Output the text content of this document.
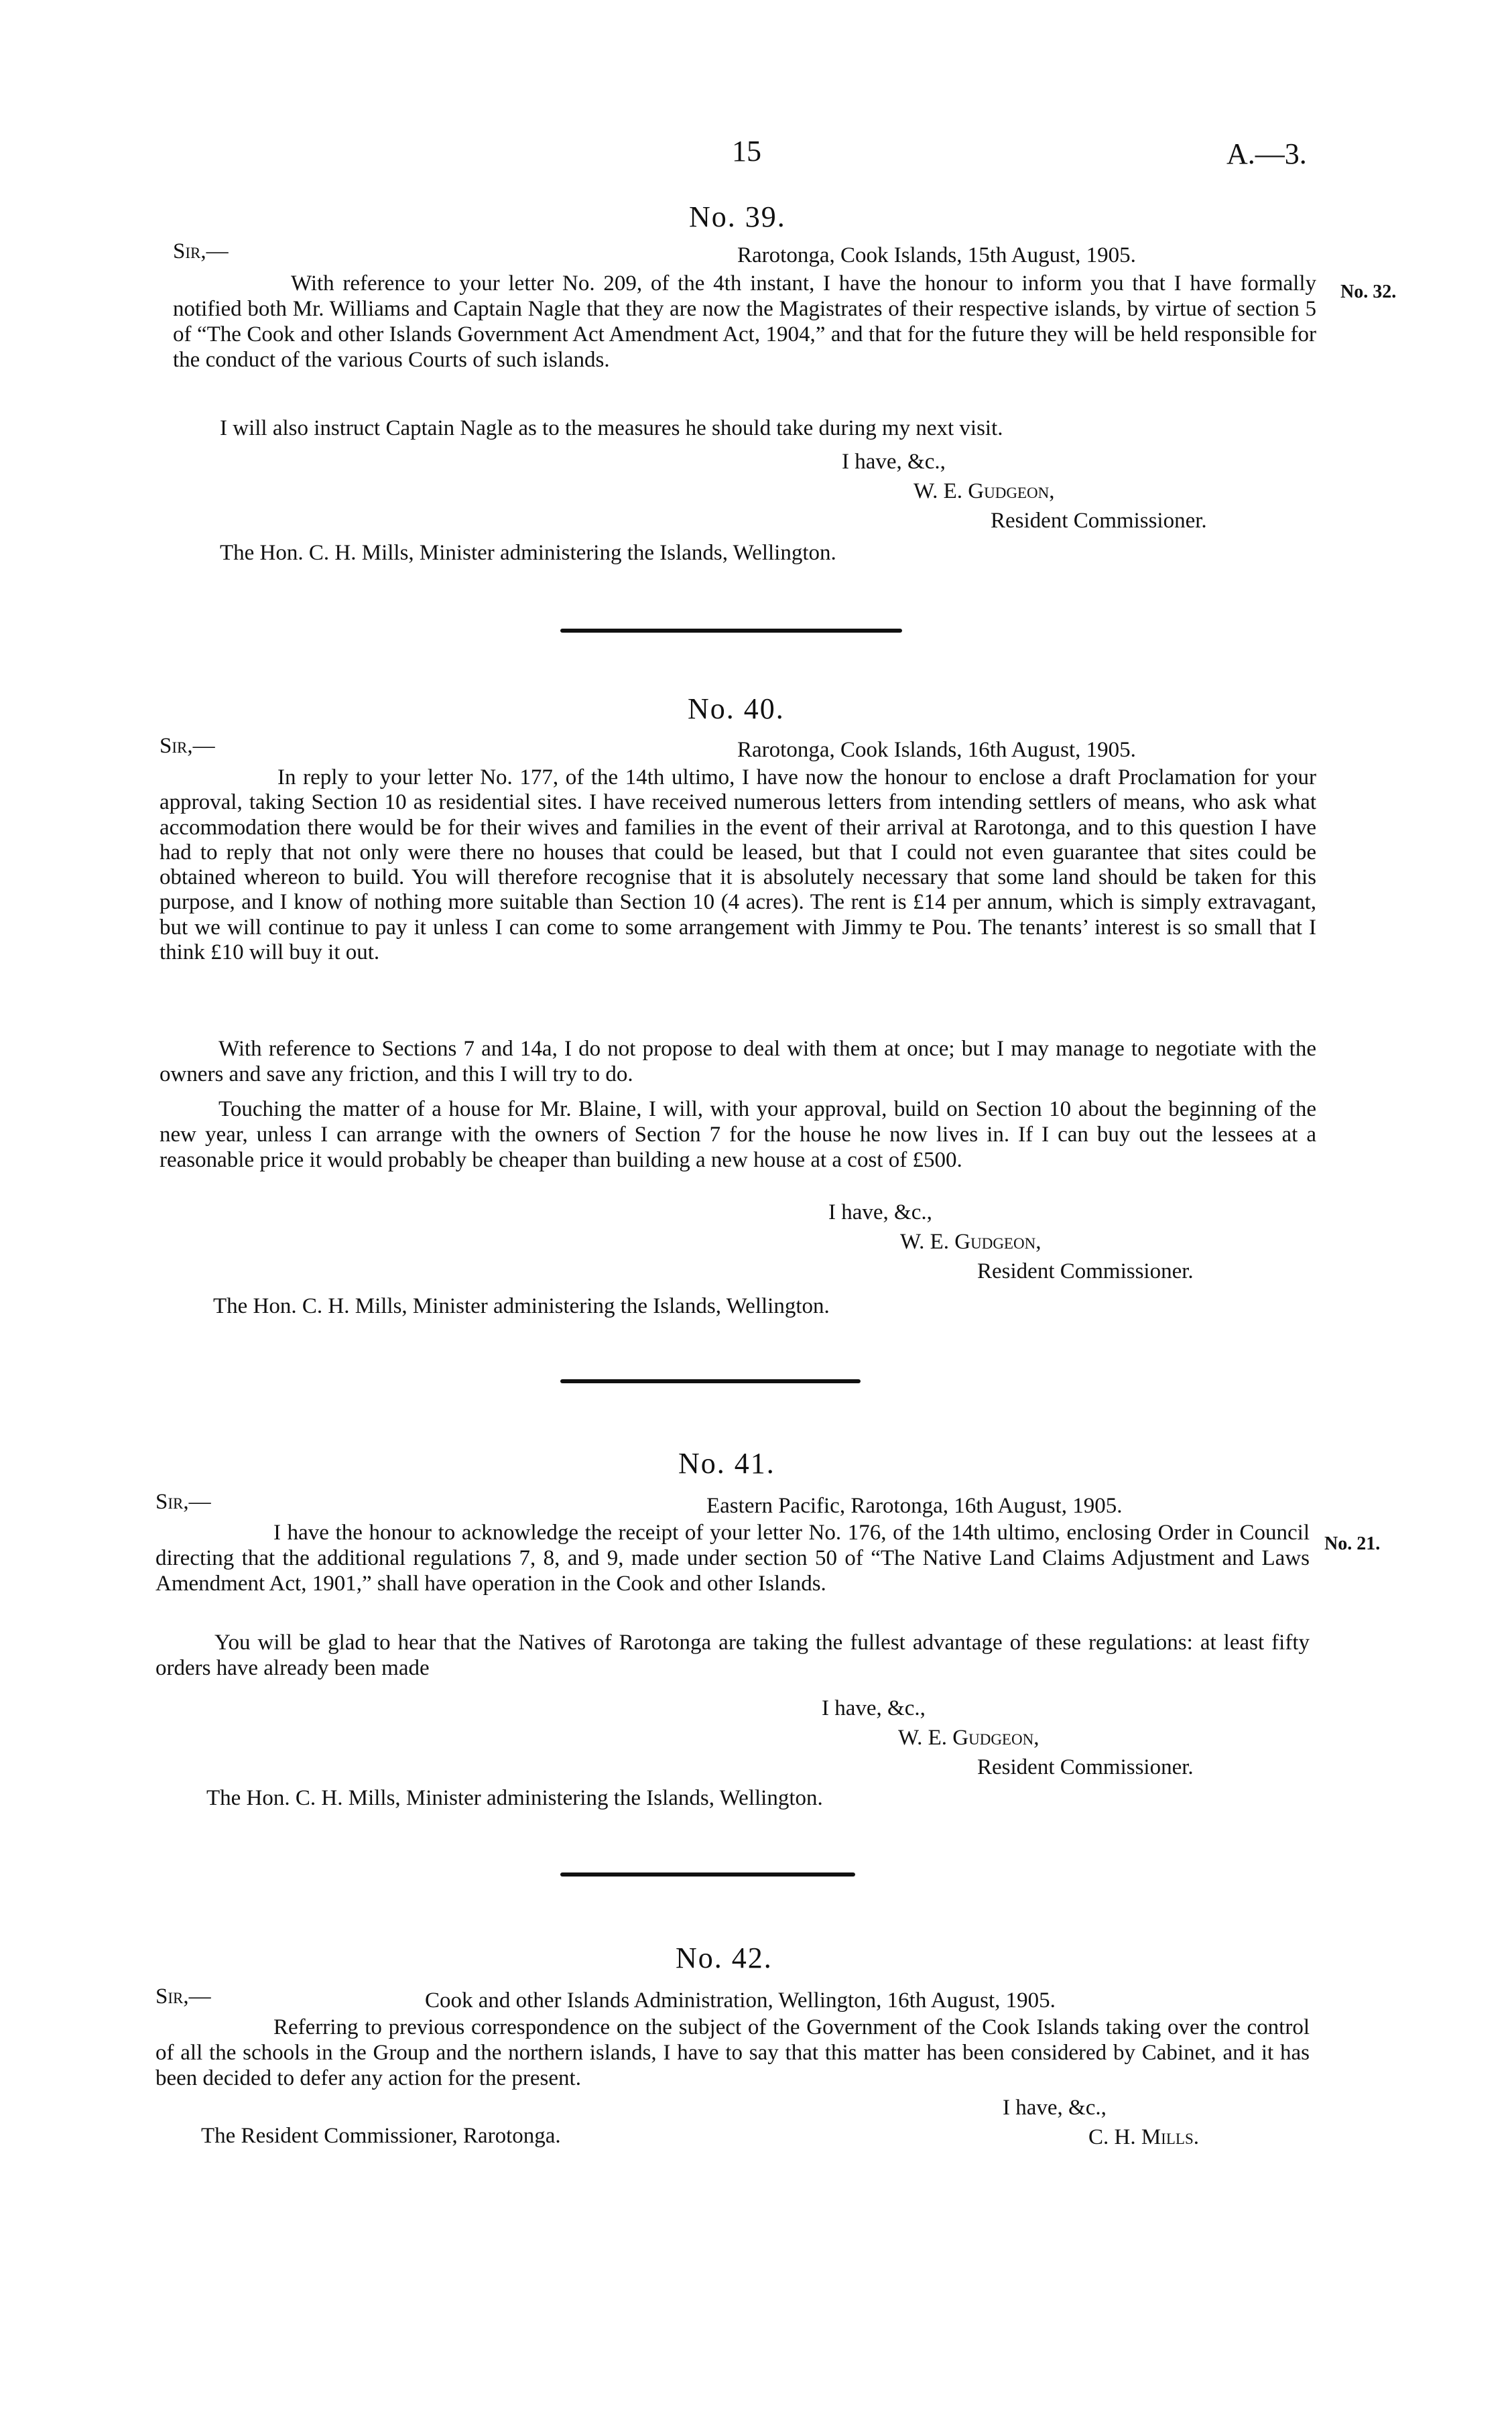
15	A.—3.
No. 39.
Sir,—	Rarotonga, Cook Islands, 15th August, 1905.
No. 32.
With reference to your letter No. 209, of the 4th instant, I have the honour to inform you that I have formally notified both Mr. Williams and Captain Nagle that they are now the Magistrates of their respective islands, by virtue of section 5 of “The Cook and other Islands Government Act Amendment Act, 1904,” and that for the future they will be held responsible for the conduct of the various Courts of such islands.
I will also instruct Captain Nagle as to the measures he should take during my next visit.
I have, &c.,
W. E. Gudgeon,
Resident Commissioner.
The Hon. C. H. Mills, Minister administering the Islands, Wellington.
No. 40.
Sir,—	Rarotonga, Cook Islands, 16th August, 1905.
In reply to your letter No. 177, of the 14th ultimo, I have now the honour to enclose a draft Proclamation for your approval, taking Section 10 as residential sites. I have received numerous letters from intending settlers of means, who ask what accommodation there would be for their wives and families in the event of their arrival at Rarotonga, and to this question I have had to reply that not only were there no houses that could be leased, but that I could not even guarantee that sites could be obtained whereon to build. You will therefore recognise that it is absolutely necessary that some land should be taken for this purpose, and I know of nothing more suitable than Section 10 (4 acres). The rent is £14 per annum, which is simply extravagant, but we will continue to pay it unless I can come to some arrangement with Jimmy te Pou. The tenants’ interest is so small that I think £10 will buy it out.
With reference to Sections 7 and 14a, I do not propose to deal with them at once; but I may manage to negotiate with the owners and save any friction, and this I will try to do.
Touching the matter of a house for Mr. Blaine, I will, with your approval, build on Section 10 about the beginning of the new year, unless I can arrange with the owners of Section 7 for the house he now lives in. If I can buy out the lessees at a reasonable price it would probably be cheaper than building a new house at a cost of £500.
I have, &c.,
W. E. Gudgeon,
Resident Commissioner.
The Hon. C. H. Mills, Minister administering the Islands, Wellington.
No. 41.
Sir,—	Eastern Pacific, Rarotonga, 16th August, 1905.
No. 21.
I have the honour to acknowledge the receipt of your letter No. 176, of the 14th ultimo, enclosing Order in Council directing that the additional regulations 7, 8, and 9, made under section 50 of “The Native Land Claims Adjustment and Laws Amendment Act, 1901,” shall have operation in the Cook and other Islands.
You will be glad to hear that the Natives of Rarotonga are taking the fullest advantage of these regulations: at least fifty orders have already been made
I have, &c.,
W. E. Gudgeon,
Resident Commissioner.
The Hon. C. H. Mills, Minister administering the Islands, Wellington.
No. 42.
Sir,—	Cook and other Islands Administration, Wellington, 16th August, 1905.
Referring to previous correspondence on the subject of the Government of the Cook Islands taking over the control of all the schools in the Group and the northern islands, I have to say that this matter has been considered by Cabinet, and it has been decided to defer any action for the present.
I have, &c.,
The Resident Commissioner, Rarotonga.	C. H. Mills.
